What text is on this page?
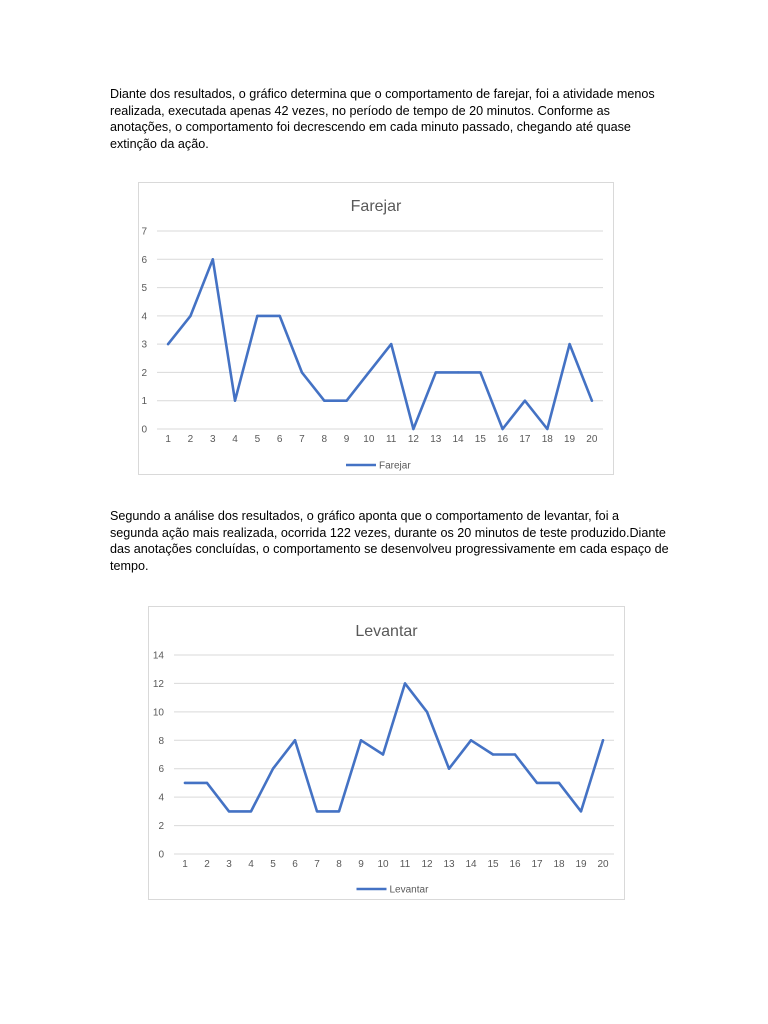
Diante dos resultados, o gráfico determina que o comportamento de farejar, foi a atividade menos realizada, executada apenas 42 vezes, no período de tempo de 20 minutos. Conforme as anotações, o comportamento foi decrescendo em cada minuto passado, chegando até quase extinção da ação.

Farejar
0
1
2
3
4
5
6
7
1 2 3 4 5 6 7 8 9 10 11 12 13 14 15 16 17 18 19 20
Farejar

Segundo a análise dos resultados, o gráfico aponta que o comportamento de levantar, foi a segunda ação mais realizada, ocorrida 122 vezes, durante os 20 minutos de teste produzido.Diante das anotações concluídas, o comportamento se desenvolveu progressivamente em cada espaço de tempo.

Levantar
0
2
4
6
8
10
12
14
1 2 3 4 5 6 7 8 9 10 11 12 13 14 15 16 17 18 19 20
Levantar
